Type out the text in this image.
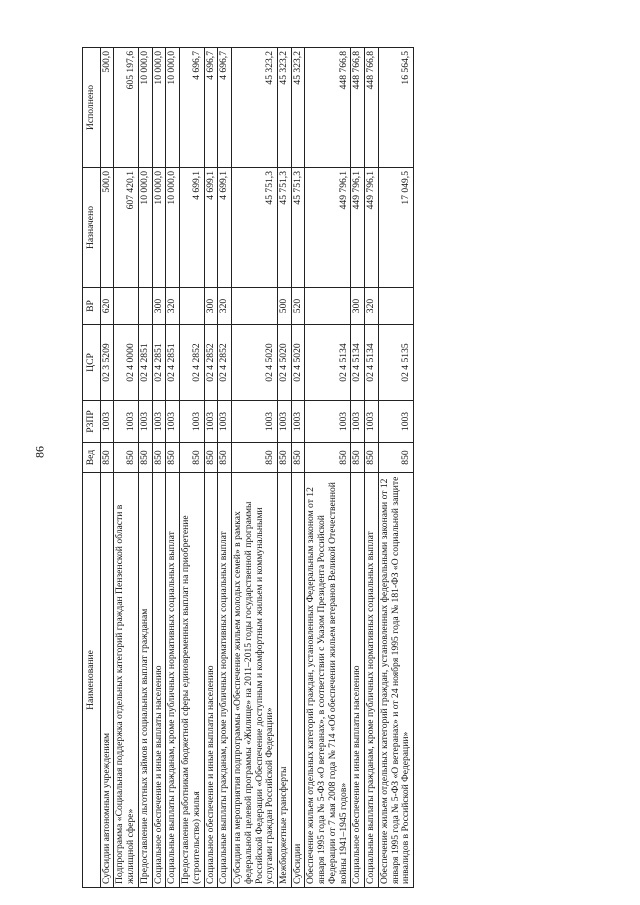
86
Наименование	Вед	Р3ПР	ЦСР	ВР	Назначено	Исполнено
Субсидии автономным учреждениям	850	1003	02 3 5209	620	500,0	500,0
Подпрограмма «Социальная поддержка отдельных категорий граждан Пензенской области в жилищной сфере»	850	1003	02 4 0000		607 420,1	605 197,6
Предоставление льготных займов и социальных выплат гражданам	850	1003	02 4 2851		10 000,0	10 000,0
Социальное обеспечение и иные выплаты населению	850	1003	02 4 2851	300	10 000,0	10 000,0
Социальные выплаты гражданам, кроме публичных нормативных социальных выплат	850	1003	02 4 2851	320	10 000,0	10 000,0
Предоставление работникам бюджетной сферы единовременных выплат на приобретение (строительство) жилья	850	1003	02 4 2852		4 699,1	4 696,7
Социальное обеспечение и иные выплаты населению	850	1003	02 4 2852	300	4 699,1	4 696,7
Социальные выплаты гражданам, кроме публичных нормативных социальных выплат	850	1003	02 4 2852	320	4 699,1	4 696,7
Субсидии на мероприятия подпрограммы «Обеспечение жильем молодых семей» в рамках федеральной целевой программы «Жилище» на 2011–2015 годы государственной программы Российской Федерации «Обеспечение доступным и комфортным жильем и коммунальными услугами граждан Российской Федерации»	850	1003	02 4 5020		45 751,3	45 323,2
Межбюджетные трансферты	850	1003	02 4 5020	500	45 751,3	45 323,2
Субсидии	850	1003	02 4 5020	520	45 751,3	45 323,2
Обеспечение жильем отдельных категорий граждан, установленных Федеральным законом от 12 января 1995 года № 5-ФЗ «О ветеранах», в соответствии с Указом Президента Российской Федерации от 7 мая 2008 года № 714 «Об обеспечении жильем ветеранов Великой Отечественной войны 1941–1945 годов»	850	1003	02 4 5134		449 796,1	448 766,8
Социальное обеспечение и иные выплаты населению	850	1003	02 4 5134	300	449 796,1	448 766,8
Социальные выплаты гражданам, кроме публичных нормативных социальных выплат	850	1003	02 4 5134	320	449 796,1	448 766,8
Обеспечение жильем отдельных категорий граждан, установленных федеральными законами от 12 января 1995 года № 5-ФЗ «О ветеранах» и от 24 ноября 1995 года № 181-ФЗ «О социальной защите инвалидов в Российской Федерации»	850	1003	02 4 5135		17 049,5	16 564,5
